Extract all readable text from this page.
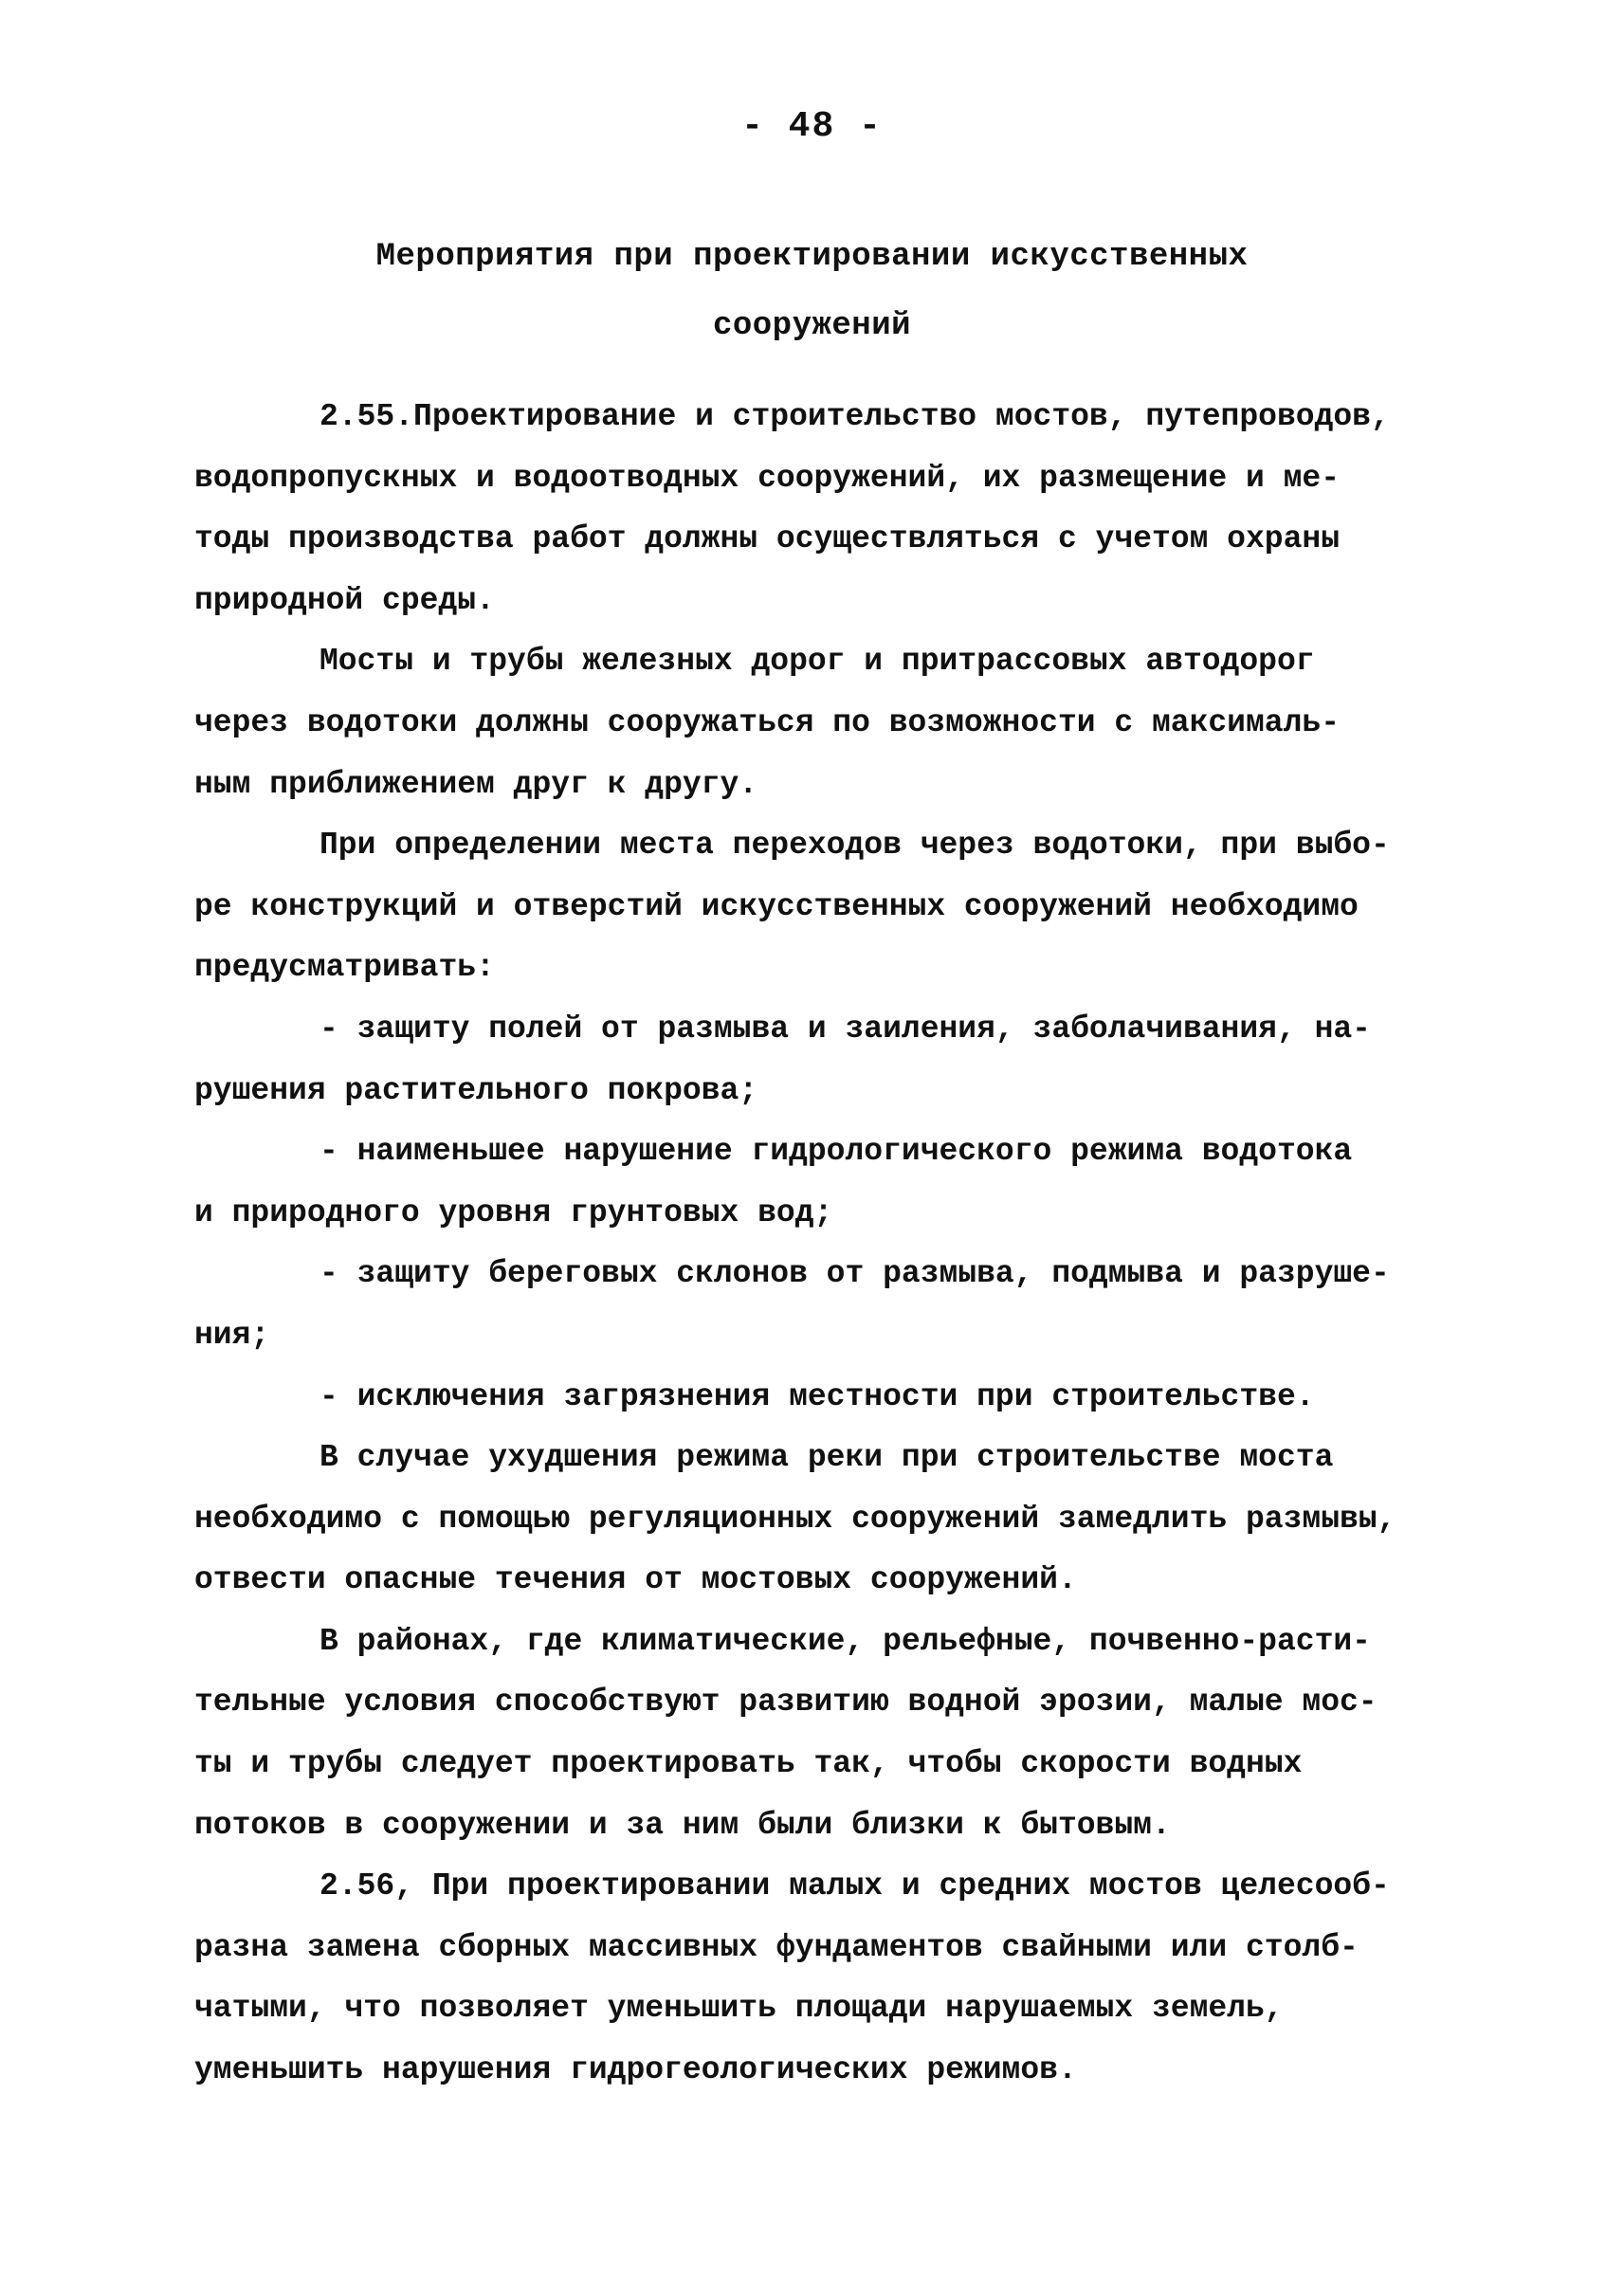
- 48 -
Мероприятия при проектировании искусственных
сооружений
2.55.Проектирование и строительство мостов, путепроводов,
водопропускных и водоотводных сооружений, их размещение и ме-
тоды производства работ должны осуществляться с учетом охраны
природной среды.
Мосты и трубы железных дорог и притрассовых автодорог
через водотоки должны сооружаться по возможности с максималь-
ным приближением друг к другу.
При определении места переходов через водотоки, при выбо-
ре конструкций и отверстий искусственных сооружений необходимо
предусматривать:
- защиту полей от размыва и заиления, заболачивания, на-
рушения растительного покрова;
- наименьшее нарушение гидрологического режима водотока
и природного уровня грунтовых вод;
- защиту береговых склонов от размыва, подмыва и разруше-
ния;
- исключения загрязнения местности при строительстве.
В случае ухудшения режима реки при строительстве моста
необходимо с помощью регуляционных сооружений замедлить размывы,
отвести опасные течения от мостовых сооружений.
В районах, где климатические, рельефные, почвенно-расти-
тельные условия способствуют развитию водной эрозии, малые мос-
ты и трубы следует проектировать так, чтобы скорости водных
потоков в сооружении и за ним были близки к бытовым.
2.56, При проектировании малых и средних мостов целесооб-
разна замена сборных массивных фундаментов свайными или столб-
чатыми, что позволяет уменьшить площади нарушаемых земель,
уменьшить нарушения гидрогеологических режимов.
